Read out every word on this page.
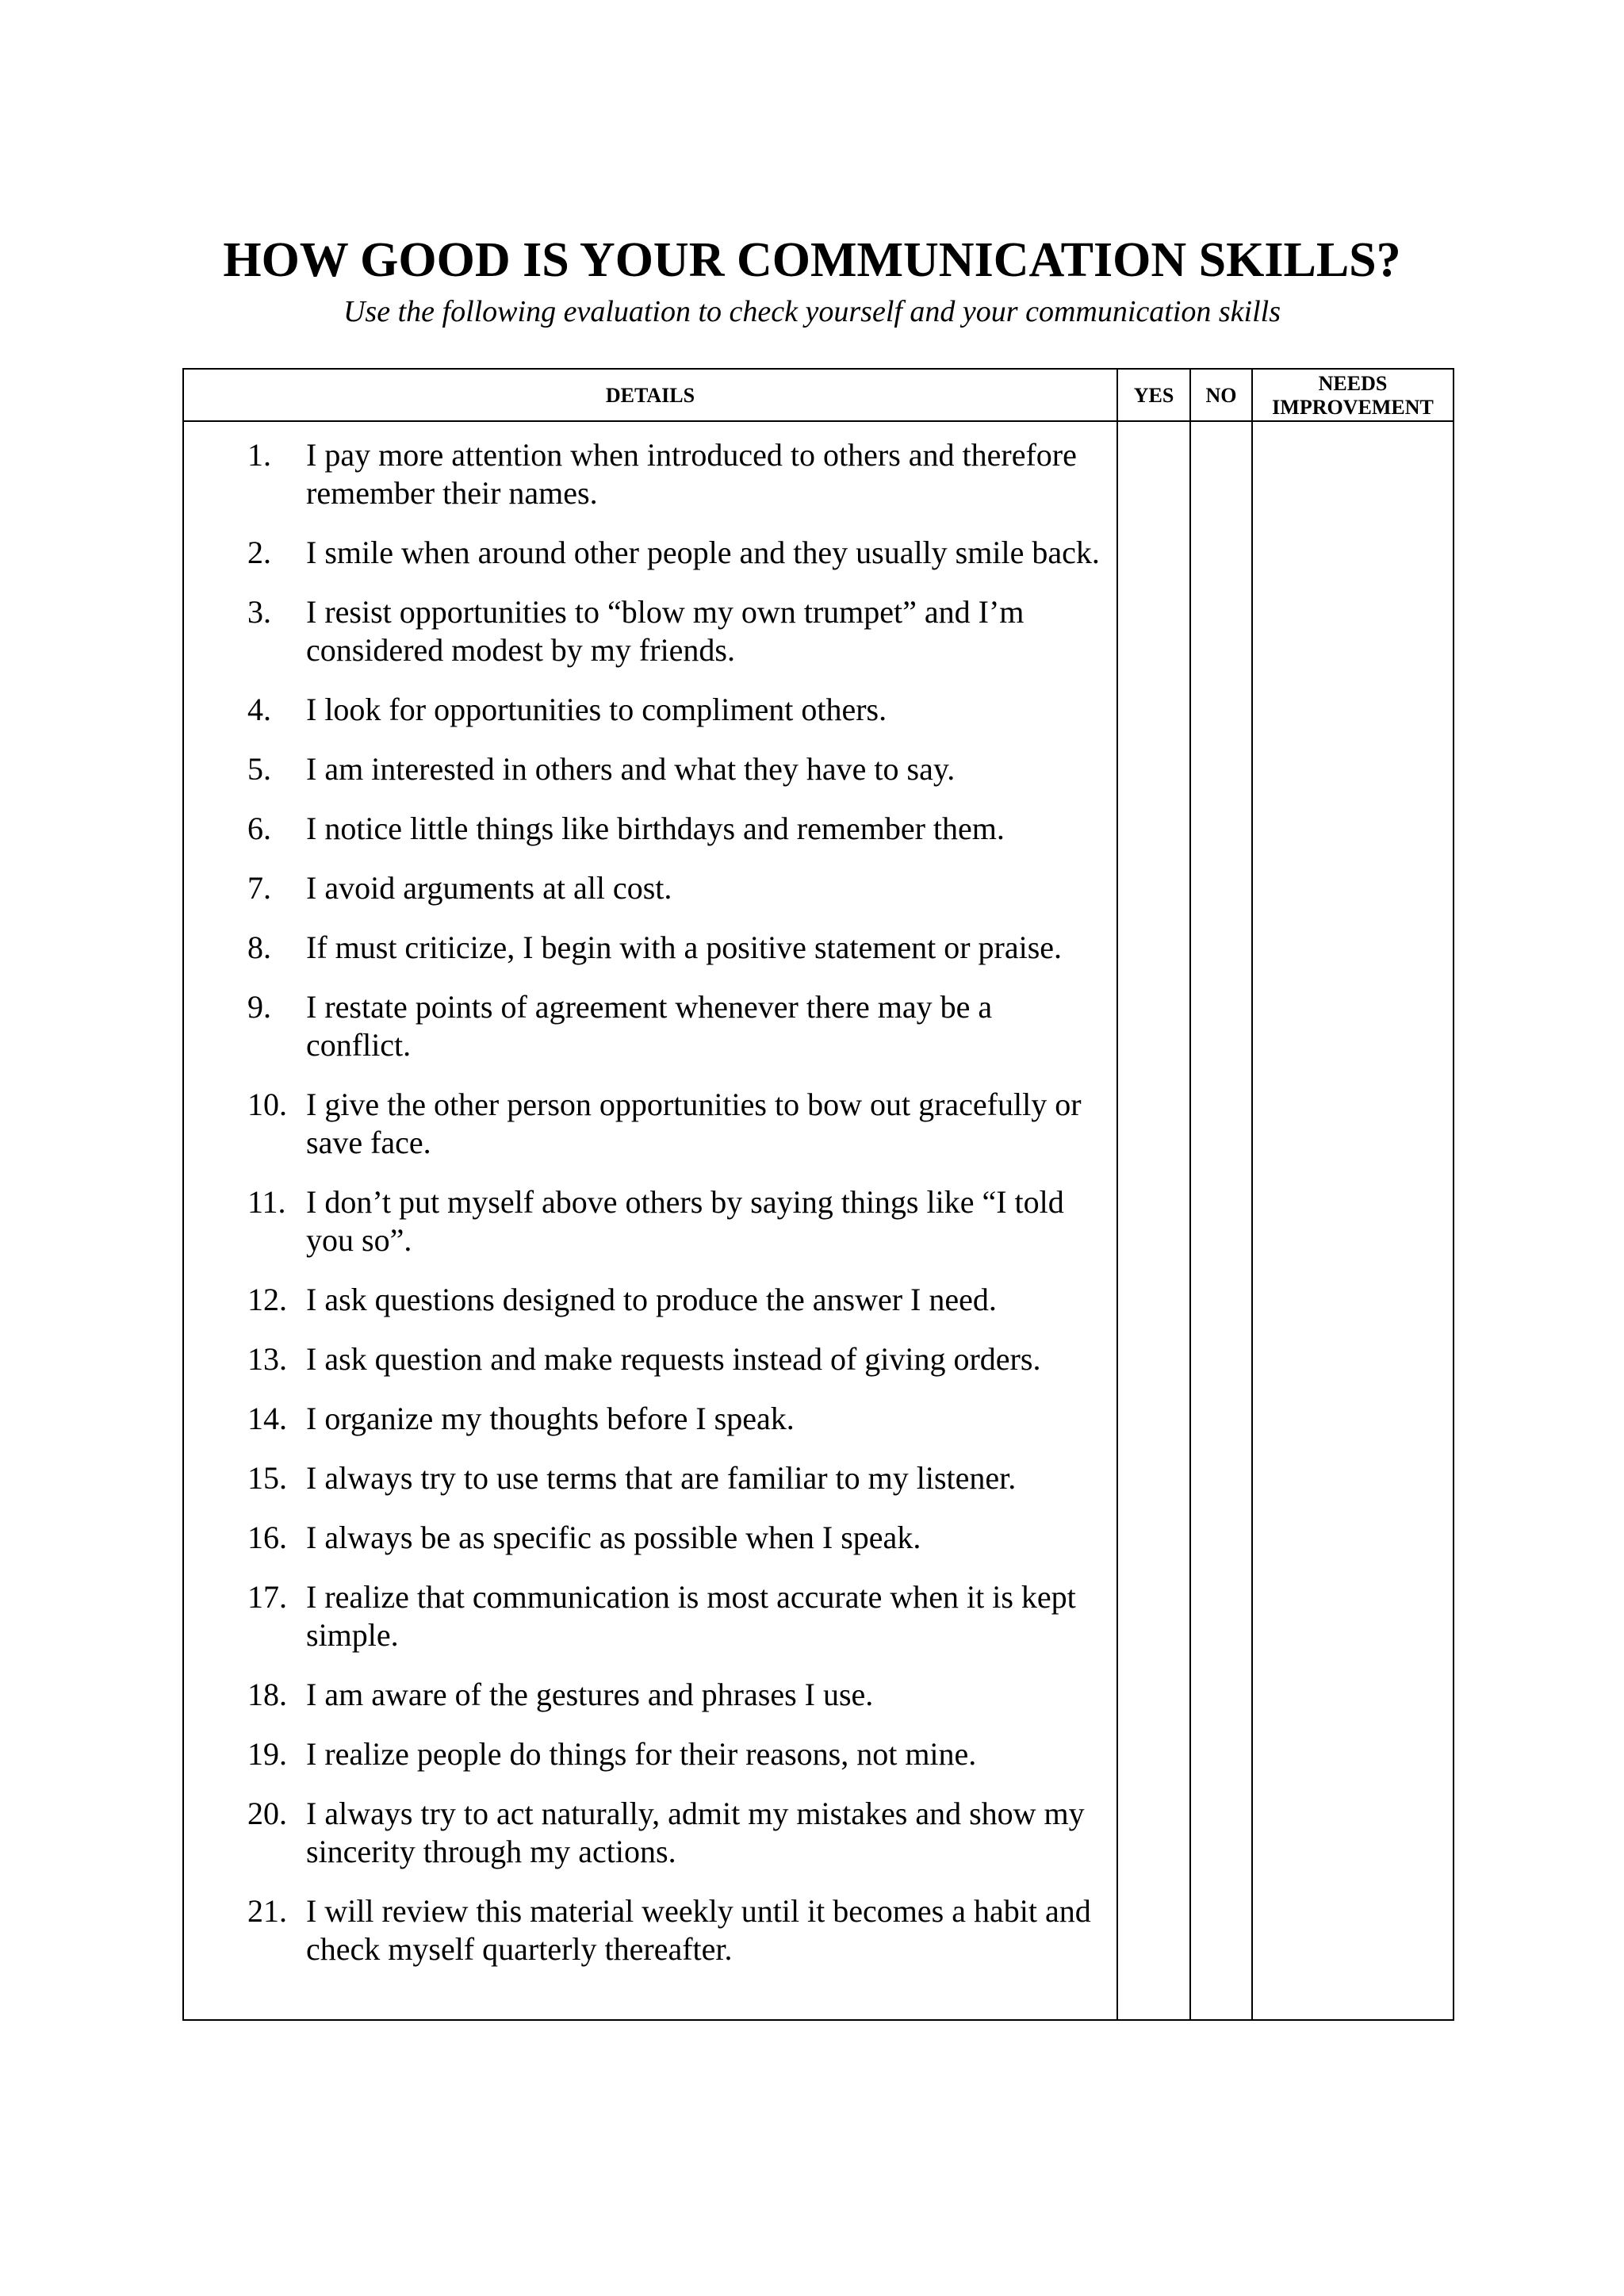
HOW GOOD IS YOUR COMMUNICATION SKILLS?
Use the following evaluation to check yourself and your communication skills
DETAILS	YES	NO
NEEDS
IMPROVEMENT
1. I pay more attention when introduced to others and therefore remember their names.
2. I smile when around other people and they usually smile back.
3. I resist opportunities to “blow my own trumpet” and I’m considered modest by my friends.
4. I look for opportunities to compliment others.
5. I am interested in others and what they have to say.
6. I notice little things like birthdays and remember them.
7. I avoid arguments at all cost.
8. If must criticize, I begin with a positive statement or praise.
9. I restate points of agreement whenever there may be a conflict.
10. I give the other person opportunities to bow out gracefully or save face.
11. I don’t put myself above others by saying things like “I told you so”.
12. I ask questions designed to produce the answer I need.
13. I ask question and make requests instead of giving orders.
14. I organize my thoughts before I speak.
15. I always try to use terms that are familiar to my listener.
16. I always be as specific as possible when I speak.
17. I realize that communication is most accurate when it is kept simple.
18. I am aware of the gestures and phrases I use.
19. I realize people do things for their reasons, not mine.
20. I always try to act naturally, admit my mistakes and show my sincerity through my actions.
21. I will review this material weekly until it becomes a habit and check myself quarterly thereafter.
